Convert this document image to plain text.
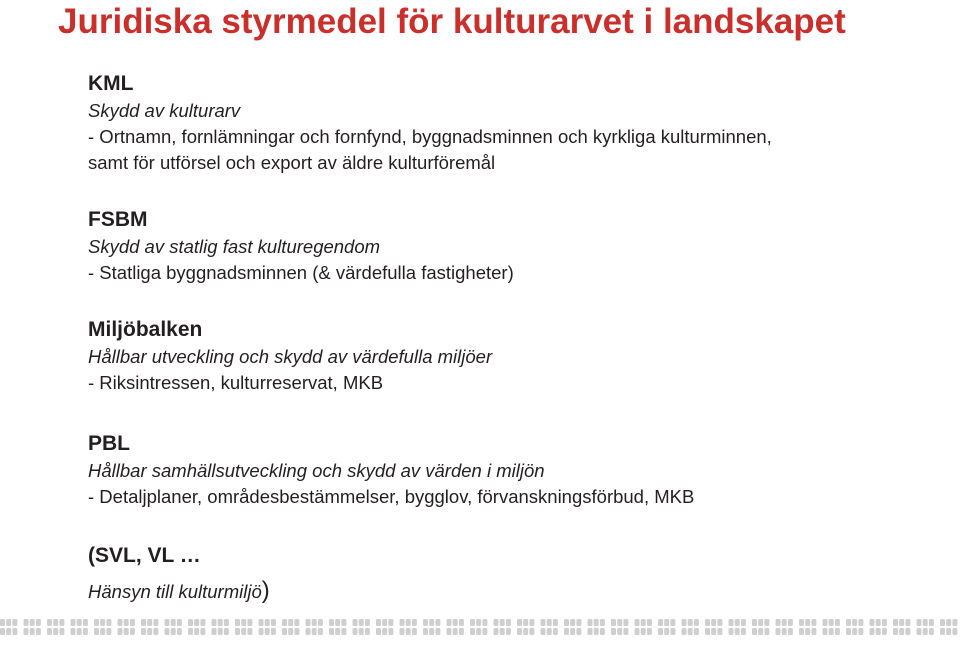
Juridiska styrmedel för kulturarvet i landskapet

KML

Skydd av kulturarv

- Ortnamn, fornlämningar och fornfynd, byggnadsminnen och kyrkliga kulturminnen,

samt för utförsel och export av äldre kulturföremål

FSBM

Skydd av statlig fast kulturegendom

- Statliga byggnadsminnen (& värdefulla fastigheter)

Miljöbalken

Hållbar utveckling och skydd av värdefulla miljöer

- Riksintressen, kulturreservat, MKB

PBL

Hållbar samhällsutveckling och skydd av värden i miljön

- Detaljplaner, områdesbestämmelser, bygglov, förvanskningsförbud, MKB

(SVL, VL …

Hänsyn till kulturmiljö)
